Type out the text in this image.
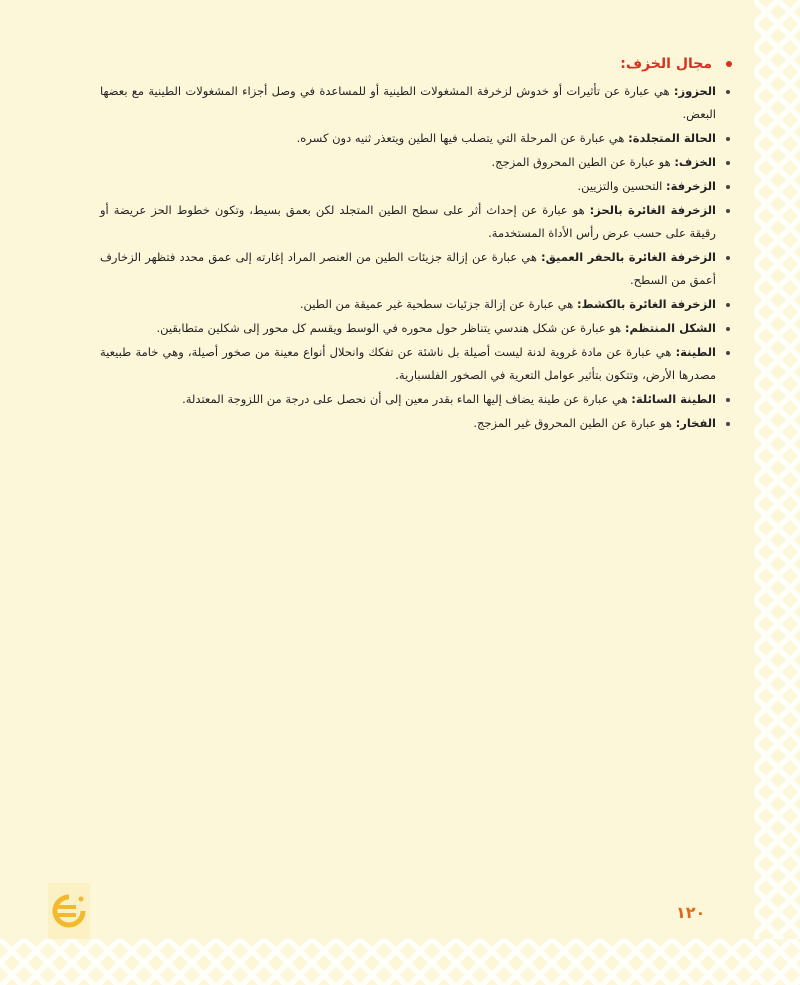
مجال الخزف:
الحزوز: هي عبارة عن تأثيرات أو خدوش لزخرفة المشغولات الطينية أو للمساعدة في وصل أجزاء المشغولات الطينية مع بعضها البعض.
الحالة المتجلدة: هي عبارة عن المرحلة التي يتصلب فيها الطين ويتعذر ثنيه دون كسره.
الخزف: هو عبارة عن الطين المحروق المزجج.
الزخرفة: التحسين والتزيين.
الزخرفة الغائرة بالحز: هو عبارة عن إحداث أثر على سطح الطين المتجلد لكن بعمق بسيط، وتكون خطوط الحز عريضة أو رقيقة على حسب عرض رأس الأداة المستخدمة.
الزخرفة الغائرة بالحفر العميق: هي عبارة عن إزالة جزيئات الطين من العنصر المراد إغارته إلى عمق محدد فتظهر الزخارف أعمق من السطح.
الزخرفة الغائرة بالكشط: هي عبارة عن إزالة جزئيات سطحية غير عميقة من الطين.
الشكل المنتظم: هو عبارة عن شكل هندسي يتناظر حول محوره في الوسط ويقسم كل محور إلى شكلين متطابقين.
الطينة: هي عبارة عن مادة غروية لدنة ليست أصيلة بل ناشئة عن تفكك وانحلال أنواع معينة من صخور أصيلة، وهي خامة طبيعية مصدرها الأرض، وتتكون بتأثير عوامل التعرية في الصخور الفلسبارية.
الطينة السائلة: هي عبارة عن طينة يضاف إليها الماء بقدر معين إلى أن نحصل على درجة من اللزوجة المعتدلة.
الفخار: هو عبارة عن الطين المحروق غير المزجج.
١٢٠
